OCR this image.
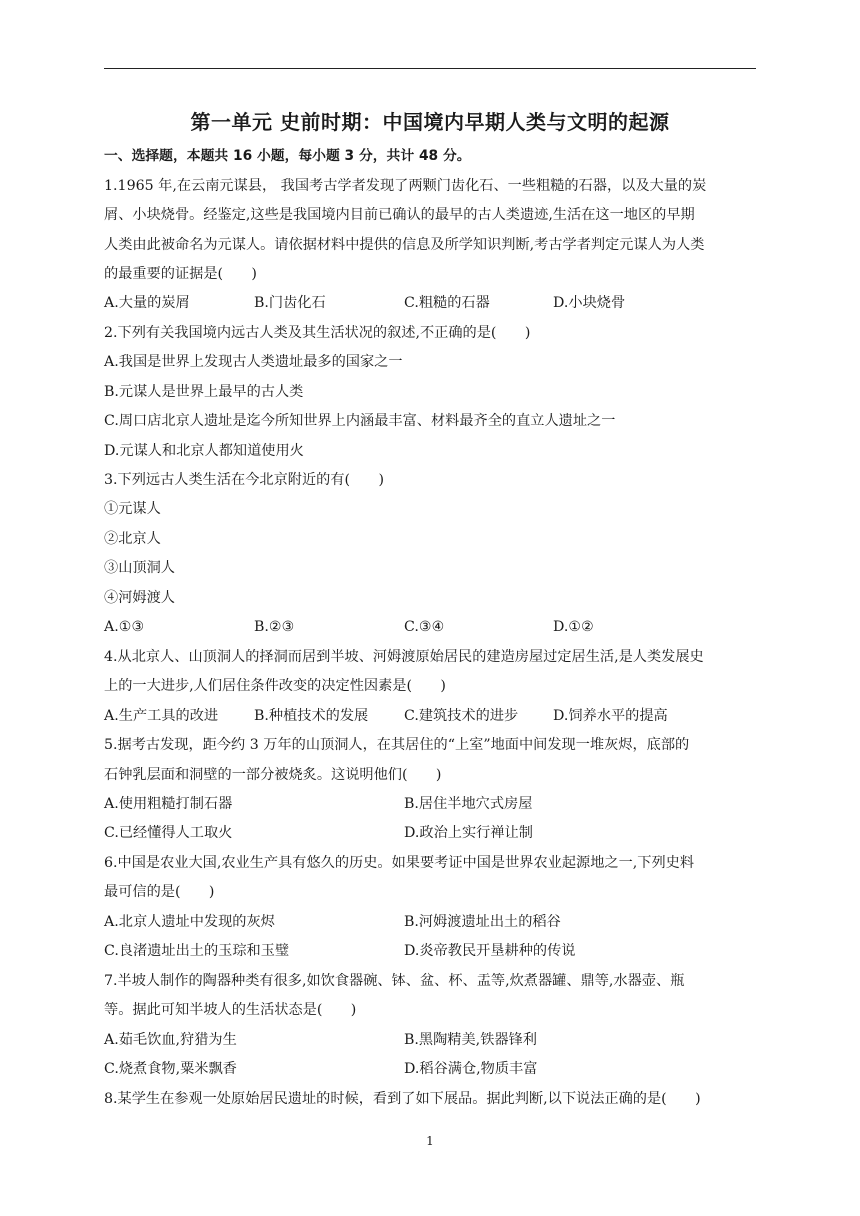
第一单元 史前时期：中国境内早期人类与文明的起源
一、选择题，本题共 16 小题，每小题 3 分，共计 48 分。
1.1965 年,在云南元谋县， 我国考古学者发现了两颗门齿化石、一些粗糙的石器，以及大量的炭
屑、小块烧骨。经鉴定,这些是我国境内目前已确认的最早的古人类遗迹,生活在这一地区的早期
人类由此被命名为元谋人。请依据材料中提供的信息及所学知识判断,考古学者判定元谋人为人类
的最重要的证据是(　　)
A.大量的炭屑	B.门齿化石	C.粗糙的石器	D.小块烧骨
2.下列有关我国境内远古人类及其生活状况的叙述,不正确的是(　　)
A.我国是世界上发现古人类遗址最多的国家之一
B.元谋人是世界上最早的古人类
C.周口店北京人遗址是迄今所知世界上内涵最丰富、材料最齐全的直立人遗址之一
D.元谋人和北京人都知道使用火
3.下列远古人类生活在今北京附近的有(　　)
①元谋人
②北京人
③山顶洞人
④河姆渡人
A.①③	B.②③	C.③④	D.①②
4.从北京人、山顶洞人的择洞而居到半坡、河姆渡原始居民的建造房屋过定居生活,是人类发展史
上的一大进步,人们居住条件改变的决定性因素是(　　)
A.生产工具的改进	B.种植技术的发展	C.建筑技术的进步 D.饲养水平的提高
5.据考古发现，距今约 3 万年的山顶洞人，在其居住的“上室”地面中间发现一堆灰烬，底部的
石钟乳层面和洞壁的一部分被烧炙。这说明他们(　　)
A.使用粗糙打制石器	B.居住半地穴式房屋
C.已经懂得人工取火	D.政治上实行禅让制
6.中国是农业大国,农业生产具有悠久的历史。如果要考证中国是世界农业起源地之一,下列史料
最可信的是(　　)
A.北京人遗址中发现的灰烬	B.河姆渡遗址出土的稻谷
C.良渚遗址出土的玉琮和玉璧	D.炎帝教民开垦耕种的传说
7.半坡人制作的陶器种类有很多,如饮食器碗、钵、盆、杯、盂等,炊煮器罐、鼎等,水器壶、瓶
等。据此可知半坡人的生活状态是(　　)
A.茹毛饮血,狩猎为生	B.黑陶精美,铁器锋利
C.烧煮食物,粟米飘香	D.稻谷满仓,物质丰富
8.某学生在参观一处原始居民遗址的时候，看到了如下展品。据此判断,以下说法正确的是(　　)
1
